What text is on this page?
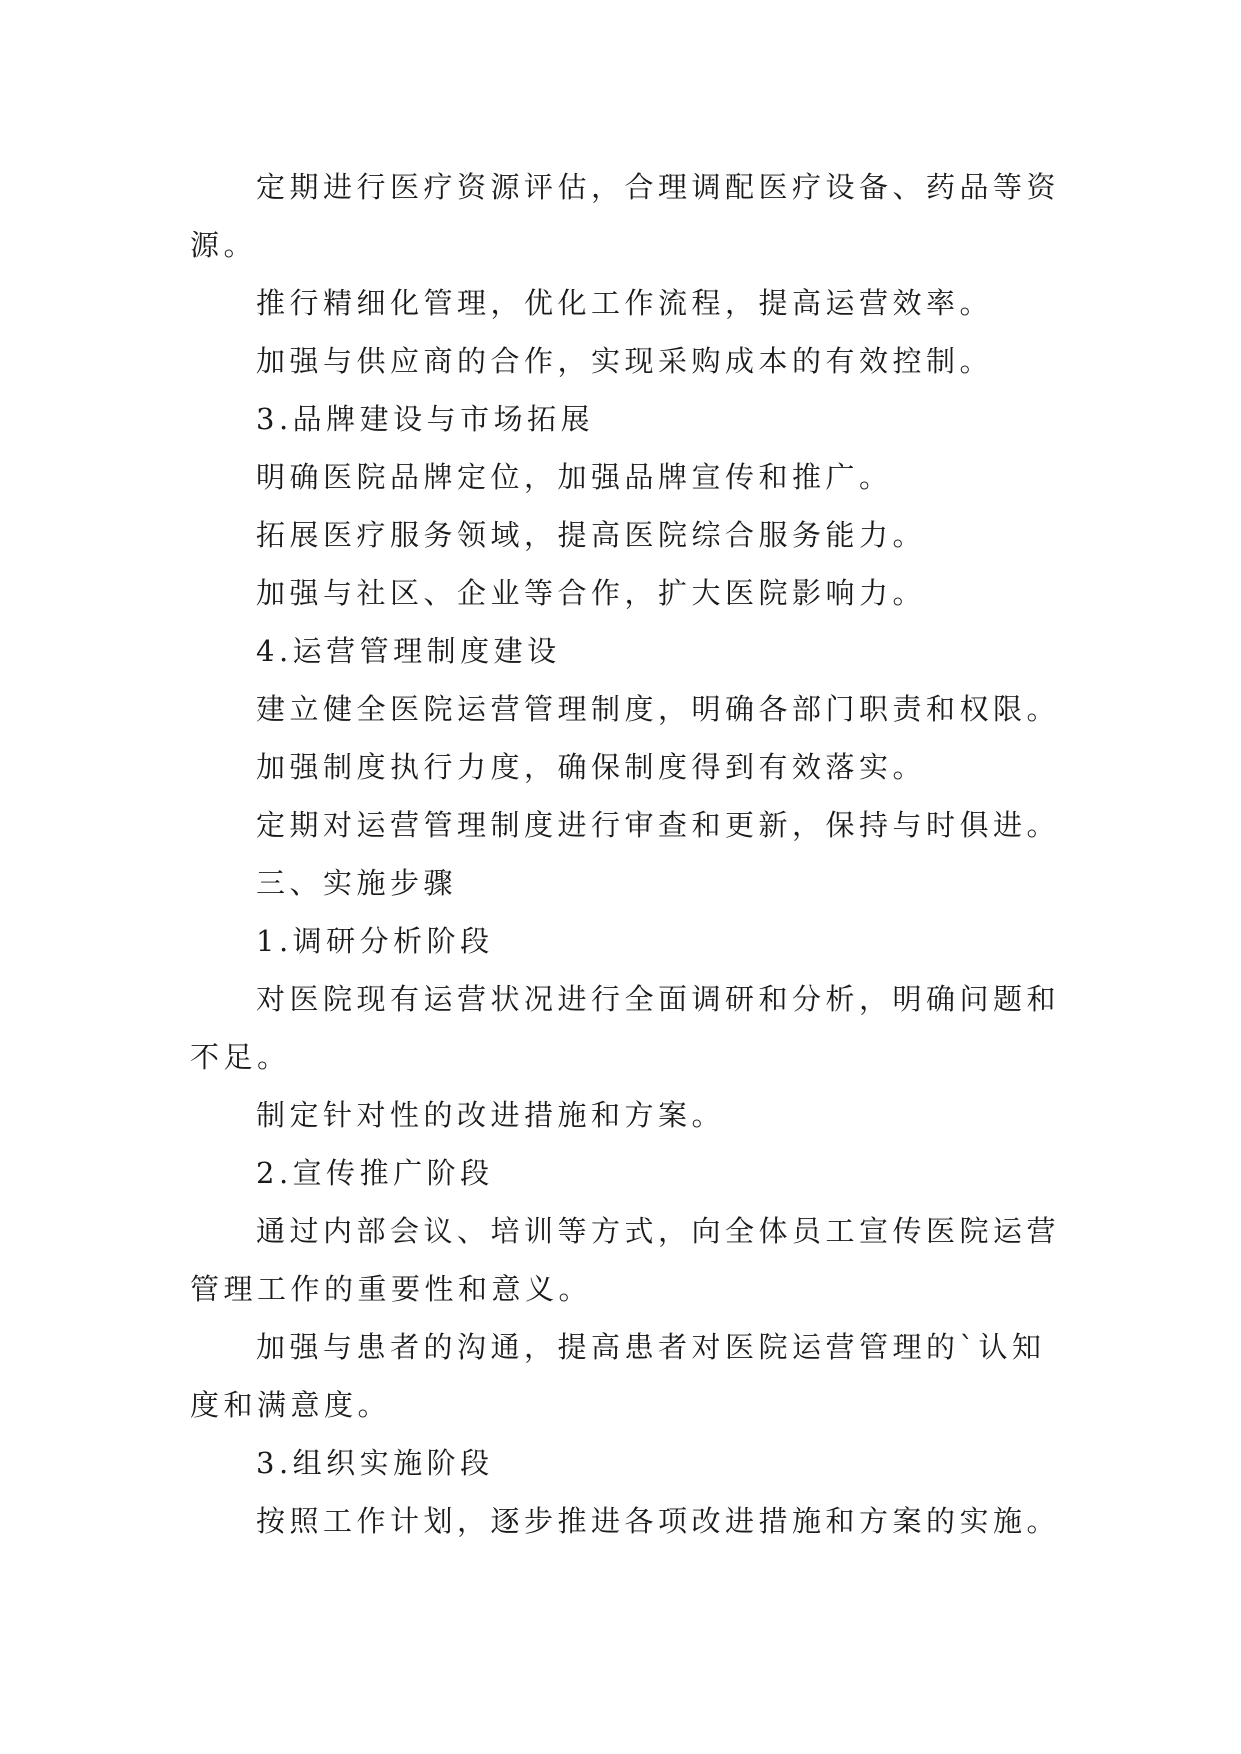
定期进行医疗资源评估，合理调配医疗设备、药品等资源。

推行精细化管理，优化工作流程，提高运营效率。

加强与供应商的合作，实现采购成本的有效控制。

3.品牌建设与市场拓展

明确医院品牌定位，加强品牌宣传和推广。

拓展医疗服务领域，提高医院综合服务能力。

加强与社区、企业等合作，扩大医院影响力。

4.运营管理制度建设

建立健全医院运营管理制度，明确各部门职责和权限。

加强制度执行力度，确保制度得到有效落实。

定期对运营管理制度进行审查和更新，保持与时俱进。

三、实施步骤

1.调研分析阶段

对医院现有运营状况进行全面调研和分析，明确问题和不足。

制定针对性的改进措施和方案。

2.宣传推广阶段

通过内部会议、培训等方式，向全体员工宣传医院运营管理工作的重要性和意义。

加强与患者的沟通，提高患者对医院运营管理的`认知度和满意度。

3.组织实施阶段

按照工作计划，逐步推进各项改进措施和方案的实施。
